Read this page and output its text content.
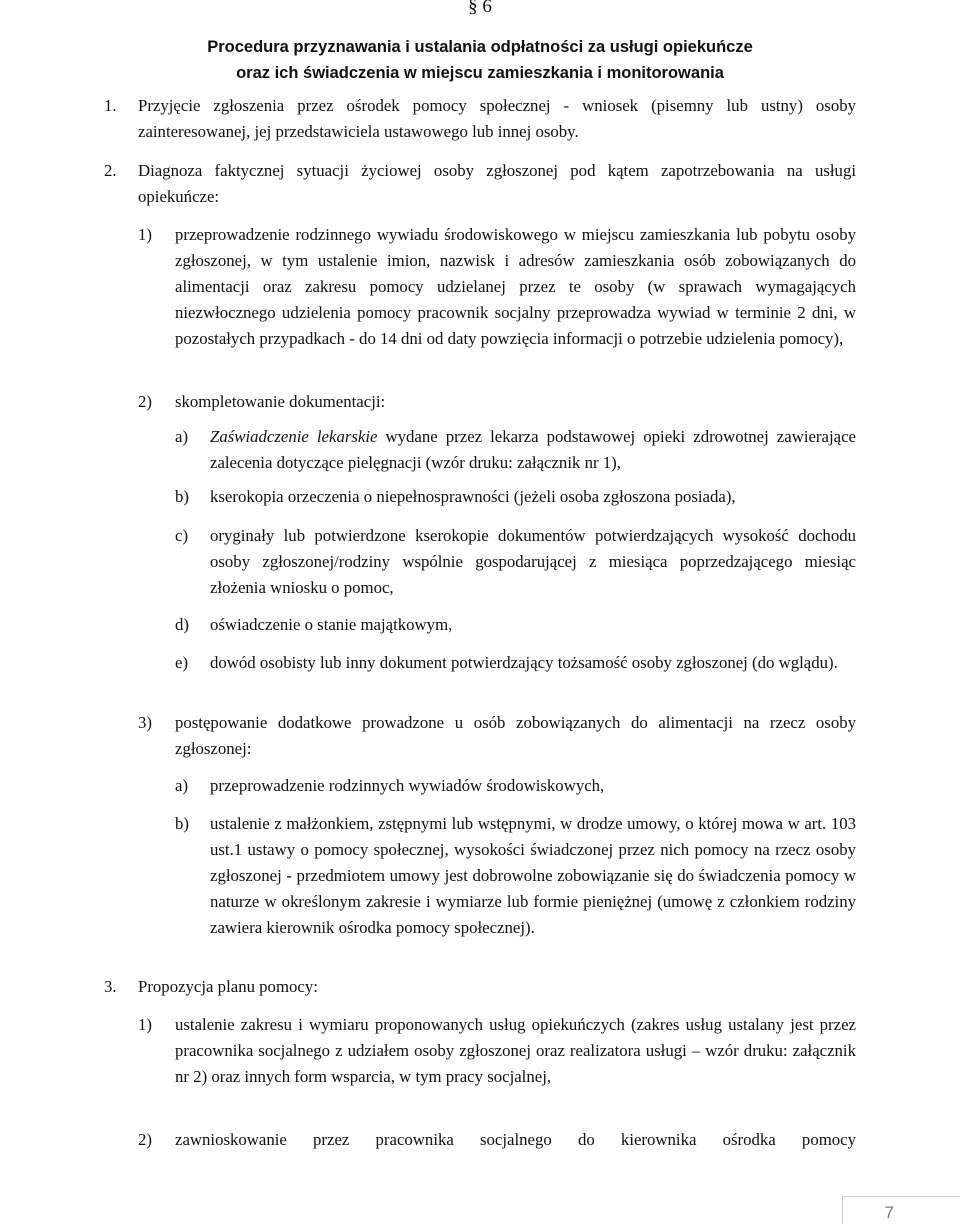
§ 6
Procedura przyznawania i ustalania odpłatności za usługi opiekuńcze
oraz ich świadczenia w miejscu zamieszkania i monitorowania
1.	Przyjęcie zgłoszenia przez ośrodek pomocy społecznej - wniosek (pisemny lub ustny) osoby zainteresowanej, jej przedstawiciela ustawowego lub innej osoby.
2.	Diagnoza faktycznej sytuacji życiowej osoby zgłoszonej pod kątem zapotrzebowania na usługi opiekuńcze:
1)	przeprowadzenie rodzinnego wywiadu środowiskowego w miejscu zamieszkania lub pobytu osoby zgłoszonej, w tym ustalenie imion, nazwisk i adresów zamieszkania osób zobowiązanych do alimentacji oraz zakresu pomocy udzielanej przez te osoby (w sprawach wymagających niezwłocznego udzielenia pomocy pracownik socjalny przeprowadza wywiad w terminie 2 dni, w pozostałych przypadkach - do 14 dni od daty powzięcia informacji o potrzebie udzielenia pomocy),
2)	skompletowanie dokumentacji:
a)	Zaświadczenie lekarskie wydane przez lekarza podstawowej opieki zdrowotnej zawierające zalecenia dotyczące pielęgnacji (wzór druku: załącznik nr 1),
b)	kserokopia orzeczenia o niepełnosprawności (jeżeli osoba zgłoszona posiada),
c)	oryginały lub potwierdzone kserokopie dokumentów potwierdzających wysokość dochodu osoby zgłoszonej/rodziny wspólnie gospodarującej z miesiąca poprzedzającego miesiąc złożenia wniosku o pomoc,
d)	oświadczenie o stanie majątkowym,
e)	dowód osobisty lub inny dokument potwierdzający tożsamość osoby zgłoszonej (do wglądu).
3)	postępowanie dodatkowe prowadzone u osób zobowiązanych do alimentacji na rzecz osoby zgłoszonej:
a)	przeprowadzenie rodzinnych wywiadów środowiskowych,
b)	ustalenie z małżonkiem, zstępnymi lub wstępnymi, w drodze umowy, o której mowa w art. 103 ust.1 ustawy o pomocy społecznej, wysokości świadczonej przez nich pomocy na rzecz osoby zgłoszonej - przedmiotem umowy jest dobrowolne zobowiązanie się do świadczenia pomocy w naturze w określonym zakresie i wymiarze lub formie pieniężnej (umowę z członkiem rodziny zawiera kierownik ośrodka pomocy społecznej).
3.	Propozycja planu pomocy:
1)	ustalenie zakresu i wymiaru proponowanych usług opiekuńczych (zakres usług ustalany jest przez pracownika socjalnego z udziałem osoby zgłoszonej oraz realizatora usługi – wzór druku: załącznik nr 2) oraz innych form wsparcia, w tym pracy socjalnej,
2)	zawnioskowanie przez pracownika socjalnego do kierownika ośrodka pomocy
7
